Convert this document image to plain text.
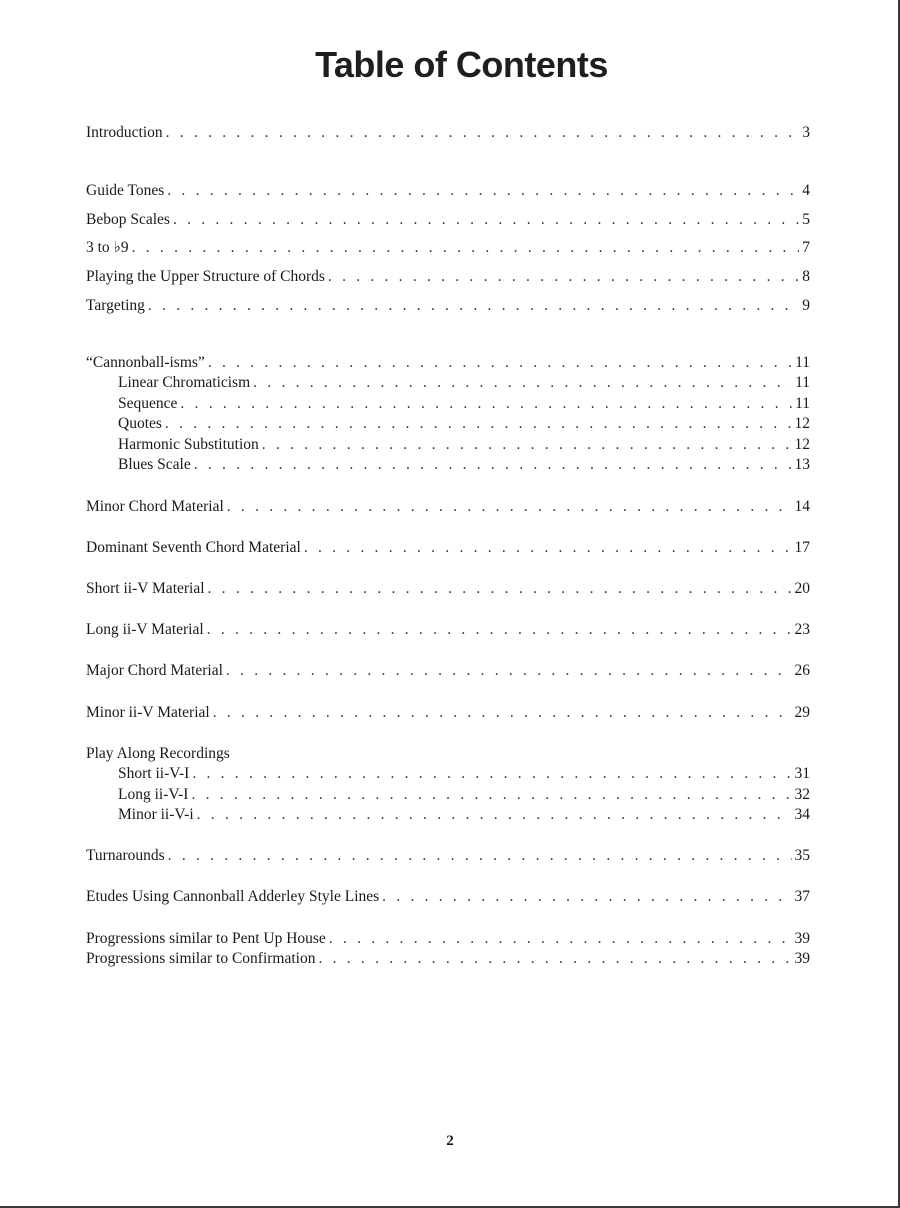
Table of Contents
Introduction . . .	3
Guide Tones . . .	4
Bebop Scales . . .	5
3 to ♭9 . . .	7
Playing the Upper Structure of Chords . . .	8
Targeting . . .	9
“Cannonball-isms” . . .	11
Linear Chromaticism . . .	11
Sequence . . .	11
Quotes . . .	12
Harmonic Substitution . . .	12
Blues Scale . . .	13
Minor Chord Material . . .	14
Dominant Seventh Chord Material . . .	17
Short ii-V Material . . .	20
Long ii-V Material . . .	23
Major Chord Material . . .	26
Minor ii-V Material . . .	29
Play Along Recordings
Short ii-V-I . . .	31
Long ii-V-I . . .	32
Minor ii-V-i . . .	34
Turnarounds . . .	35
Etudes Using Cannonball Adderley Style Lines . . .	37
Progressions similar to Pent Up House . . .	39
Progressions similar to Confirmation . . .	39
2
